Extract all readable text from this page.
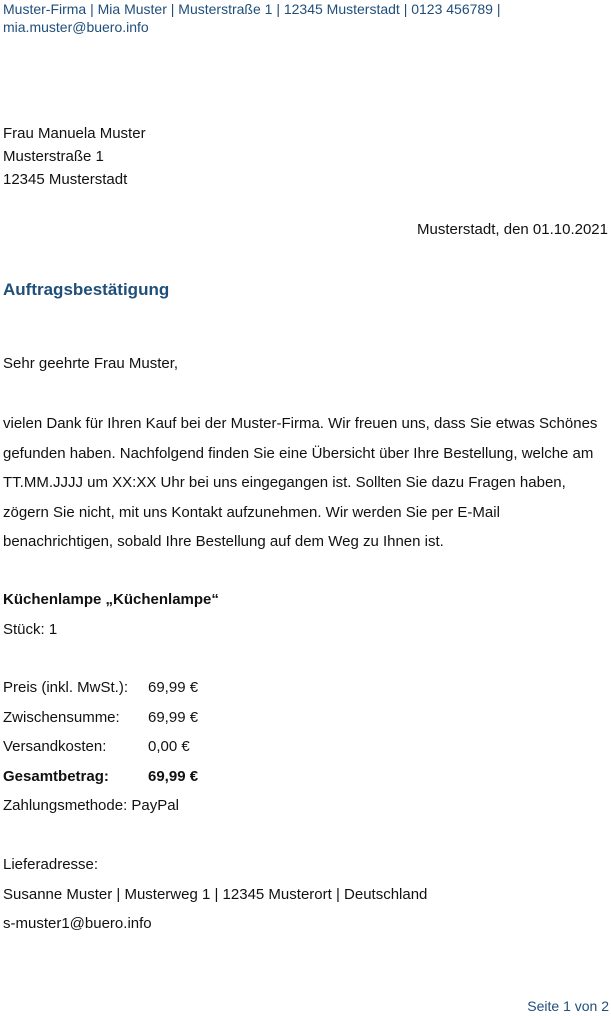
Muster-Firma | Mia Muster | Musterstraße 1 | 12345 Musterstadt | 0123 456789 | mia.muster@buero.info
Frau Manuela Muster
Musterstraße 1
12345 Musterstadt
Musterstadt, den 01.10.2021
Auftragsbestätigung
Sehr geehrte Frau Muster,
vielen Dank für Ihren Kauf bei der Muster-Firma. Wir freuen uns, dass Sie etwas Schönes gefunden haben. Nachfolgend finden Sie eine Übersicht über Ihre Bestellung, welche am TT.MM.JJJJ um XX:XX Uhr bei uns eingegangen ist. Sollten Sie dazu Fragen haben, zögern Sie nicht, mit uns Kontakt aufzunehmen. Wir werden Sie per E-Mail benachrichtigen, sobald Ihre Bestellung auf dem Weg zu Ihnen ist.
Küchenlampe „Küchenlampe“
Stück: 1
Preis (inkl. MwSt.):	69,99 €
Zwischensumme:	69,99 €
Versandkosten:	0,00 €
Gesamtbetrag:	69,99 €
Zahlungsmethode: PayPal
Lieferadresse:
Susanne Muster | Musterweg 1 | 12345 Musterort | Deutschland
s-muster1@buero.info
Seite 1 von 2
